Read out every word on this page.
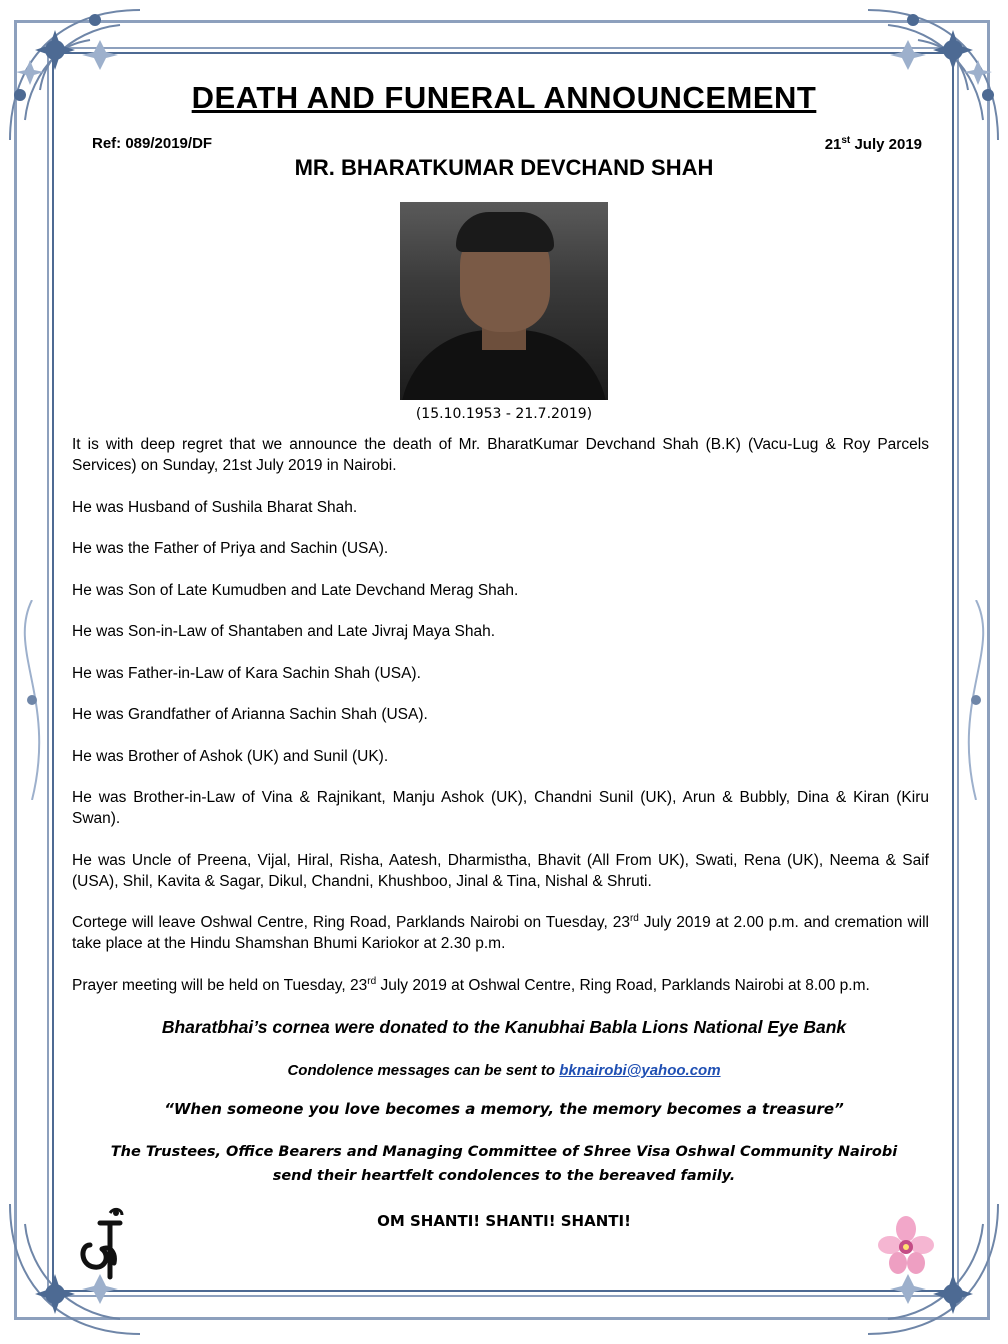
DEATH AND FUNERAL ANNOUNCEMENT
Ref: 089/2019/DF	21st July 2019
MR. BHARATKUMAR DEVCHAND SHAH
(15.10.1953 - 21.7.2019)

It is with deep regret that we announce the death of Mr. BharatKumar Devchand Shah (B.K) (Vacu-Lug & Roy Parcels Services) on Sunday, 21st July 2019 in Nairobi.

He was Husband of Sushila Bharat Shah.

He was the Father of Priya and Sachin (USA).

He was Son of Late Kumudben and Late Devchand Merag Shah.

He was Son-in-Law of Shantaben and Late Jivraj Maya Shah.

He was Father-in-Law of Kara Sachin Shah (USA).

He was Grandfather of Arianna Sachin Shah (USA).

He was Brother of Ashok (UK) and Sunil (UK).

He was Brother-in-Law of Vina & Rajnikant, Manju Ashok (UK), Chandni Sunil (UK), Arun & Bubbly, Dina & Kiran (Kiru Swan).

He was Uncle of Preena, Vijal, Hiral, Risha, Aatesh, Dharmistha, Bhavit (All From UK), Swati, Rena (UK), Neema & Saif (USA), Shil, Kavita & Sagar, Dikul, Chandni, Khushboo, Jinal & Tina, Nishal & Shruti.

Cortege will leave Oshwal Centre, Ring Road, Parklands Nairobi on Tuesday, 23rd July 2019 at 2.00 p.m. and cremation will take place at the Hindu Shamshan Bhumi Kariokor at 2.30 p.m.

Prayer meeting will be held on Tuesday, 23rd July 2019 at Oshwal Centre, Ring Road, Parklands Nairobi at 8.00 p.m.

Bharatbhai’s cornea were donated to the Kanubhai Babla Lions National Eye Bank
Condolence messages can be sent to bknairobi@yahoo.com
“When someone you love becomes a memory, the memory becomes a treasure”
The Trustees, Office Bearers and Managing Committee of Shree Visa Oshwal Community Nairobi
send their heartfelt condolences to the bereaved family.
OM SHANTI! SHANTI! SHANTI!
